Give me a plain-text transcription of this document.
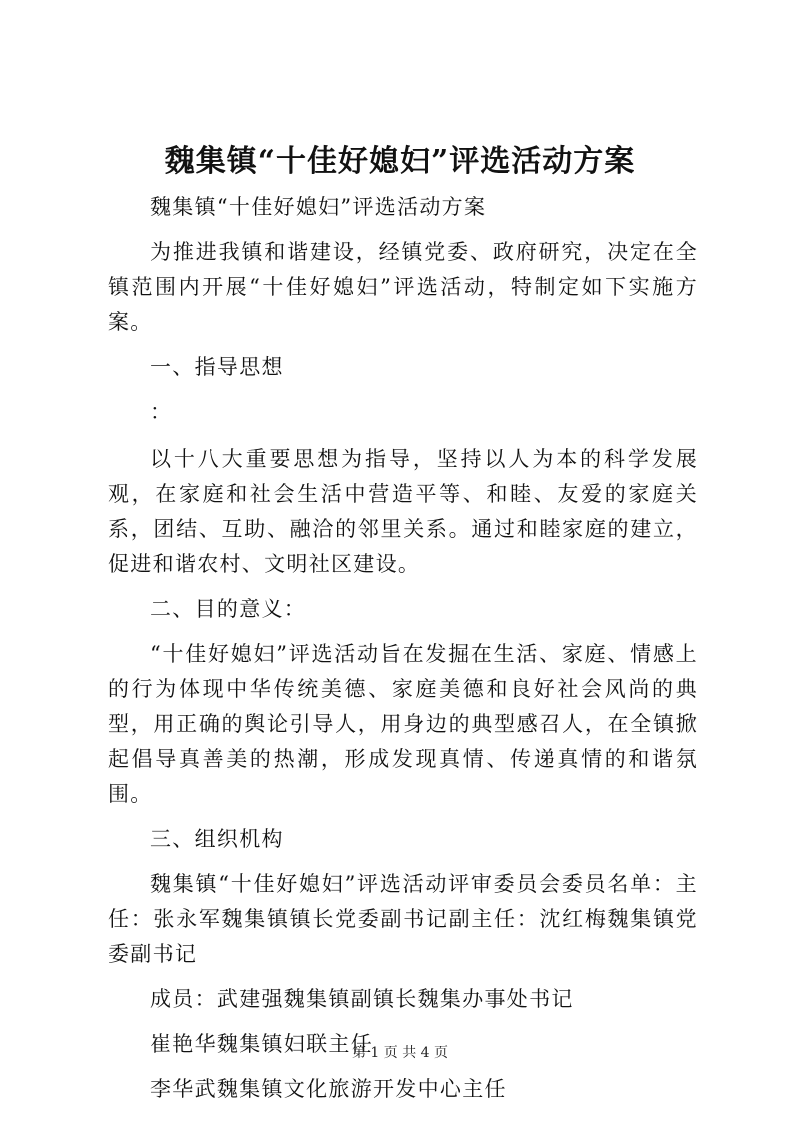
魏集镇“十佳好媳妇”评选活动方案

魏集镇“十佳好媳妇”评选活动方案

为推进我镇和谐建设，经镇党委、政府研究，决定在全镇范围内开展“十佳好媳妇”评选活动，特制定如下实施方案。

一、指导思想

：

以十八大重要思想为指导，坚持以人为本的科学发展观，在家庭和社会生活中营造平等、和睦、友爱的家庭关系，团结、互助、融洽的邻里关系。通过和睦家庭的建立，促进和谐农村、文明社区建设。

二、目的意义：

“十佳好媳妇”评选活动旨在发掘在生活、家庭、情感上的行为体现中华传统美德、家庭美德和良好社会风尚的典型，用正确的舆论引导人，用身边的典型感召人，在全镇掀起倡导真善美的热潮，形成发现真情、传递真情的和谐氛围。

三、组织机构

魏集镇“十佳好媳妇”评选活动评审委员会委员名单：主任：张永军魏集镇镇长党委副书记副主任：沈红梅魏集镇党委副书记

成员：武建强魏集镇副镇长魏集办事处书记

崔艳华魏集镇妇联主任

李华武魏集镇文化旅游开发中心主任

第 1 页 共 4 页
